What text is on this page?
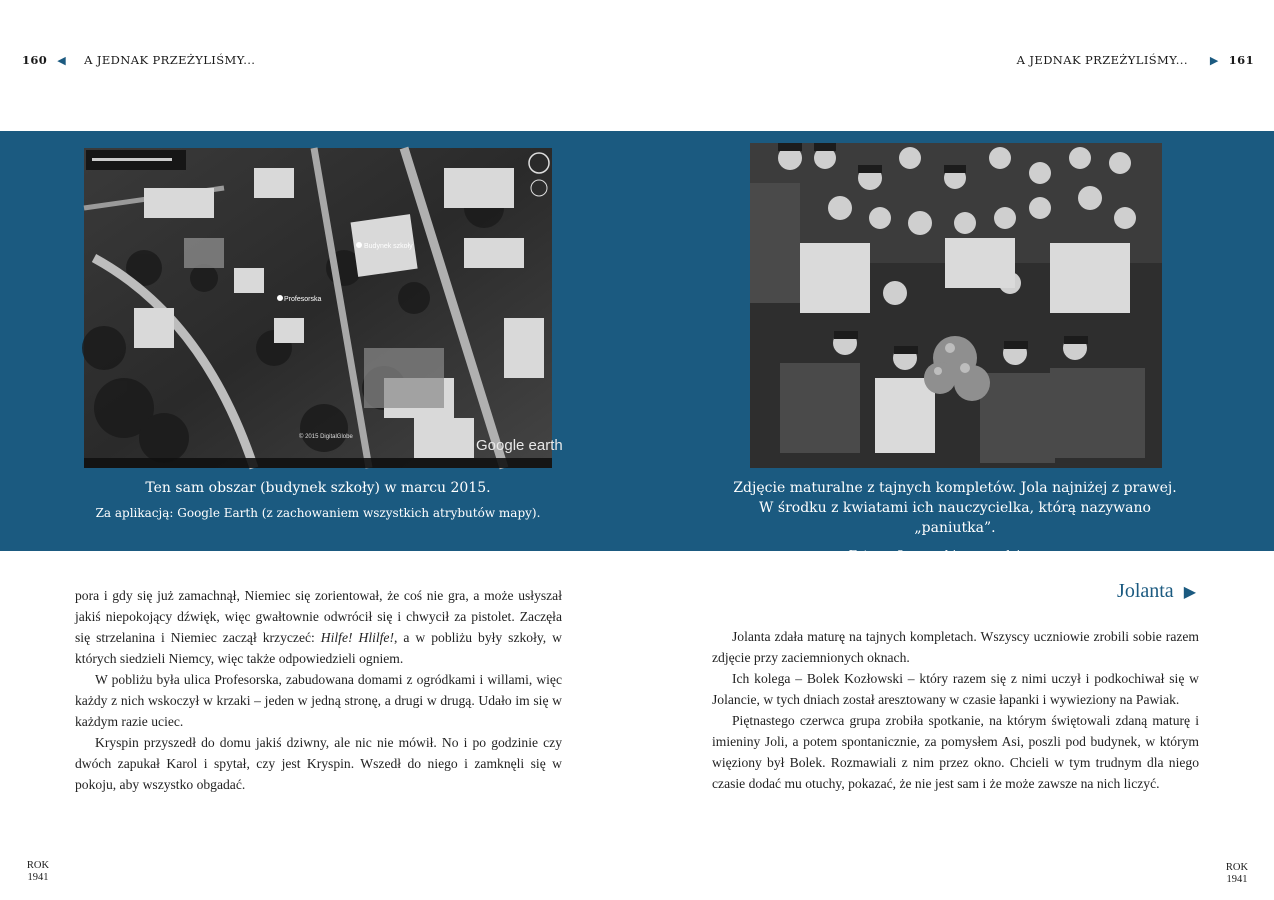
160 ◀ A JEDNAK PRZEŻYLIŚMY...	A JEDNAK PRZEŻYLIŚMY... ▶ 161
Budynek szkoły
Profesorska
© 2015 DigitalGlobe	Google earth
Ten sam obszar (budynek szkoły) w marcu 2015.
Za aplikacją: Google Earth (z zachowaniem wszystkich atrybutów mapy).
Zdjęcie maturalne z tajnych kompletów. Jola najniżej z prawej.
W środku z kwiatami ich nauczycielka, którą nazywano „paniutka”.
Fotografia z archiwum rodzinnego.

pora i gdy się już zamachnął, Niemiec się zorientował, że coś nie gra, a może usłyszał jakiś niepokojący dźwięk, więc gwałtownie odwrócił się i chwycił za pistolet. Zaczęła się strzelanina i Niemiec zaczął krzyczeć: Hilfe! Hlilfe!, a w pobliżu były szkoły, w których siedzieli Niemcy, więc także odpowiedzieli ogniem.

W pobliżu była ulica Profesorska, zabudowana domami z ogródkami i willami, więc każdy z nich wskoczył w krzaki – jeden w jedną stronę, a drugi w drugą. Udało im się w każdym razie uciec.

Kryspin przyszedł do domu jakiś dziwny, ale nic nie mówił. No i po godzinie czy dwóch zapukał Karol i spytał, czy jest Kryspin. Wszedł do niego i zamknęli się w pokoju, aby wszystko obgadać.

Jolanta ▶

Jolanta zdała maturę na tajnych kompletach. Wszyscy uczniowie zrobili sobie razem zdjęcie przy zaciemnionych oknach.

Ich kolega – Bolek Kozłowski – który razem się z nimi uczył i podkochiwał się w Jolancie, w tych dniach został aresztowany w czasie łapanki i wywieziony na Pawiak.

Piętnastego czerwca grupa zrobiła spotkanie, na którym świętowali zdaną maturę i imieniny Joli, a potem spontanicznie, za pomysłem Asi, poszli pod budynek, w którym więziony był Bolek. Rozmawiali z nim przez okno. Chcieli w tym trudnym dla niego czasie dodać mu otuchy, pokazać, że nie jest sam i że może zawsze na nich liczyć.

ROK
1941
ROK
1941
